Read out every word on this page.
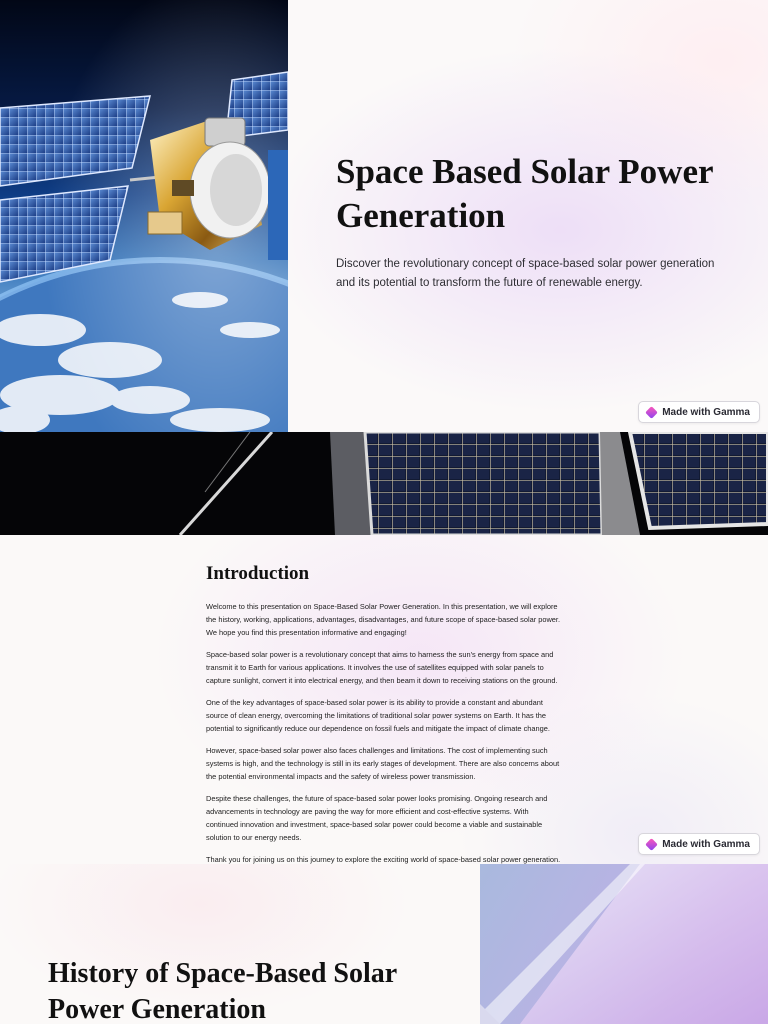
Space Based Solar Power Generation

Discover the revolutionary concept of space-based solar power generation and its potential to transform the future of renewable energy.

Made with Gamma
Introduction

Welcome to this presentation on Space-Based Solar Power Generation. In this presentation, we will explore the history, working, applications, advantages, disadvantages, and future scope of space-based solar power. We hope you find this presentation informative and engaging!

Space-based solar power is a revolutionary concept that aims to harness the sun's energy from space and transmit it to Earth for various applications. It involves the use of satellites equipped with solar panels to capture sunlight, convert it into electrical energy, and then beam it down to receiving stations on the ground.

One of the key advantages of space-based solar power is its ability to provide a constant and abundant source of clean energy, overcoming the limitations of traditional solar power systems on Earth. It has the potential to significantly reduce our dependence on fossil fuels and mitigate the impact of climate change.

However, space-based solar power also faces challenges and limitations. The cost of implementing such systems is high, and the technology is still in its early stages of development. There are also concerns about the potential environmental impacts and the safety of wireless power transmission.

Despite these challenges, the future of space-based solar power looks promising. Ongoing research and advancements in technology are paving the way for more efficient and cost-effective systems. With continued innovation and investment, space-based solar power could become a viable and sustainable solution to our energy needs.

Thank you for joining us on this journey to explore the exciting world of space-based solar power generation.

Made with Gamma
History of Space-Based Solar Power Generation
